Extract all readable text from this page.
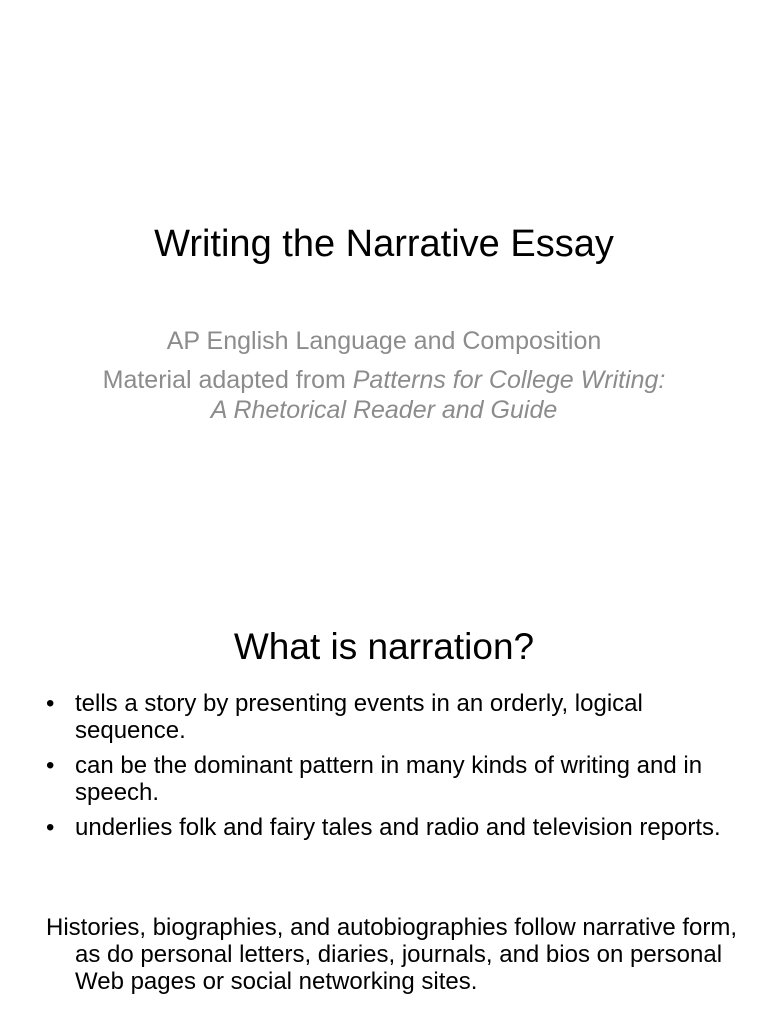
Writing the Narrative Essay
AP English Language and Composition
Material adapted from Patterns for College Writing: A Rhetorical Reader and Guide
What is narration?
• tells a story by presenting events in an orderly, logical sequence.
• can be the dominant pattern in many kinds of writing and in speech.
• underlies folk and fairy tales and radio and television reports.

Histories, biographies, and autobiographies follow narrative form, as do personal letters, diaries, journals, and bios on personal Web pages or social networking sites.
